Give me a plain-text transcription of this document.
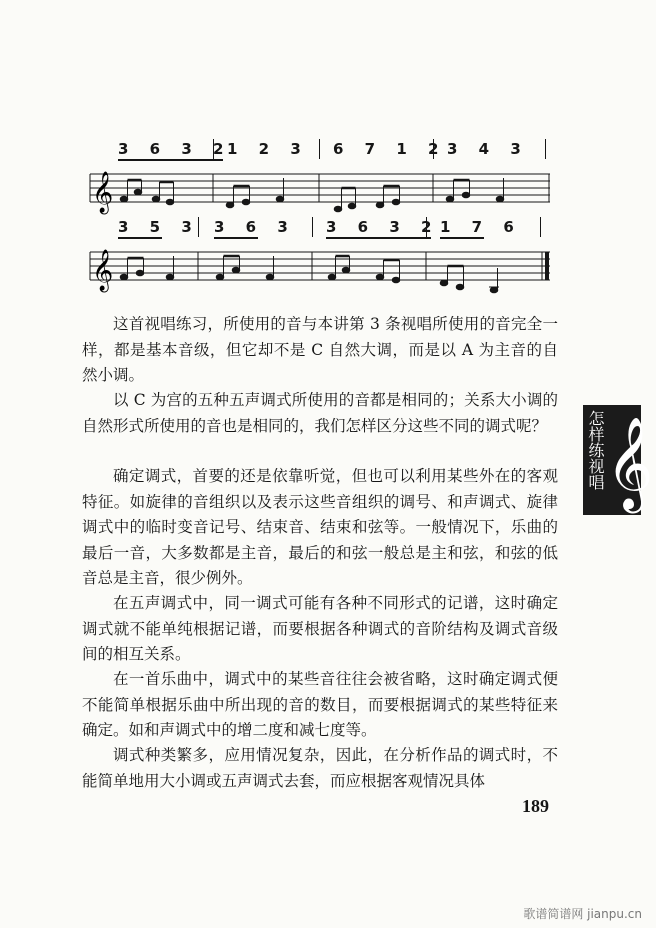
3 6 3 2
1 2 3 6 7 1 2 3 4 3
𝄞
3 5 3 3 6 3 3 6 3 2 1 7 6
𝄞

这首视唱练习，所使用的音与本讲第 3 条视唱所使用的音完全一样，都是基本音级，但它却不是 C 自然大调，而是以 A 为主音的自然小调。

以 C 为宫的五种五声调式所使用的音都是相同的；关系大小调的自然形式所使用的音也是相同的，我们怎样区分这些不同的调式呢？

确定调式，首要的还是依靠听觉，但也可以利用某些外在的客观特征。如旋律的音组织以及表示这些音组织的调号、和声调式、旋律调式中的临时变音记号、结束音、结束和弦等。一般情况下，乐曲的最后一音，大多数都是主音，最后的和弦一般总是主和弦，和弦的低音总是主音，很少例外。

在五声调式中，同一调式可能有各种不同形式的记谱，这时确定调式就不能单纯根据记谱，而要根据各种调式的音阶结构及调式音级间的相互关系。

在一首乐曲中，调式中的某些音往往会被省略，这时确定调式便不能简单根据乐曲中所出现的音的数目，而要根据调式的某些特征来确定。如和声调式中的增二度和减七度等。

调式种类繁多，应用情况复杂，因此，在分析作品的调式时，不能简单地用大小调或五声调式去套，而应根据客观情况具体

怎样练视唱 𝄞
189
歌谱简谱网 jianpu.cn
